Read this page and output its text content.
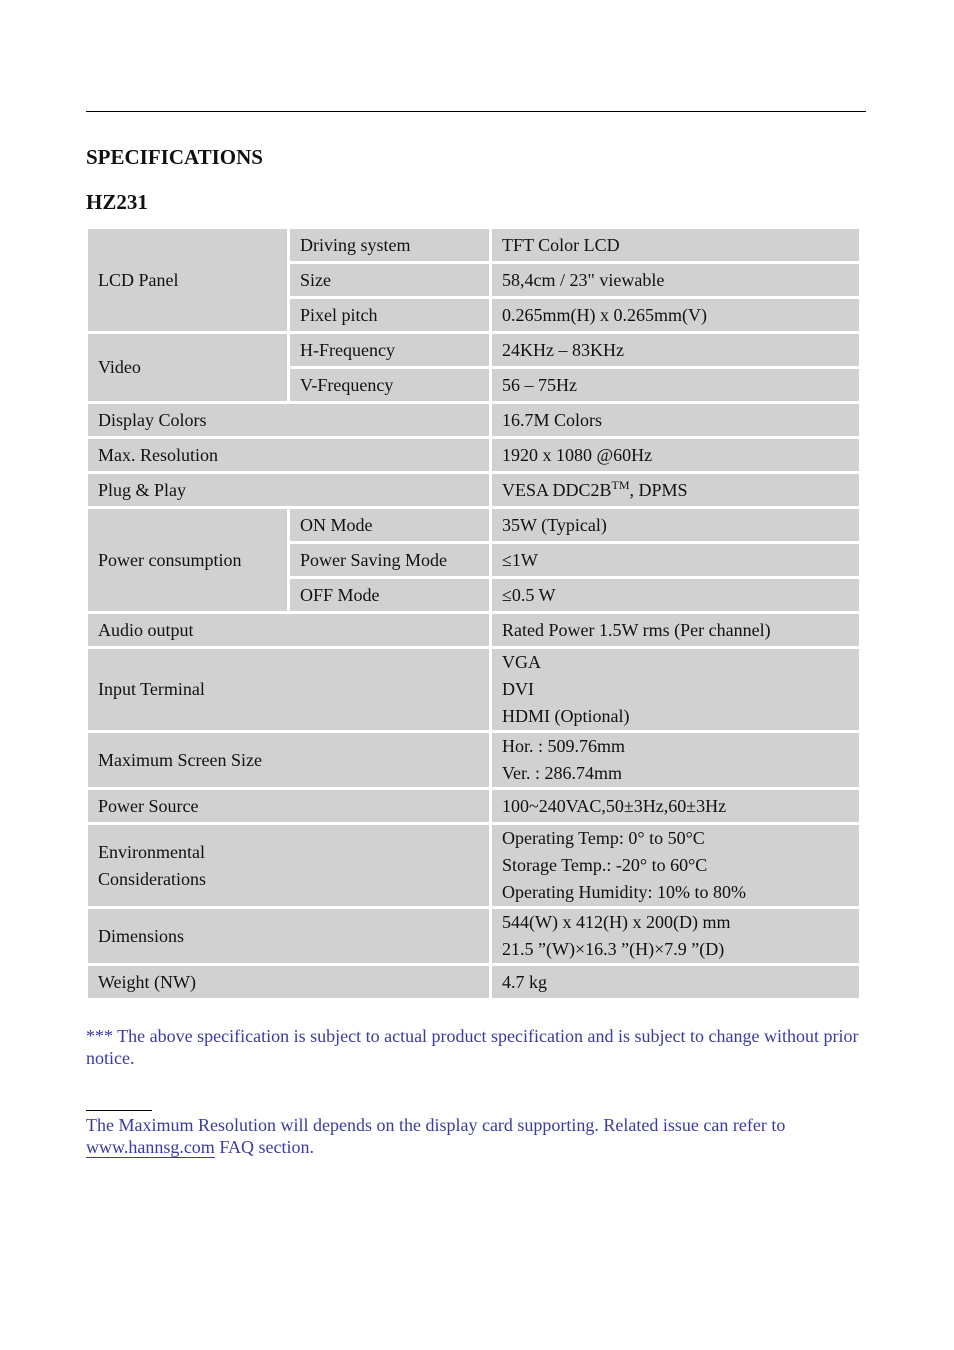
SPECIFICATIONS
HZ231
LCD Panel	Driving system	TFT Color LCD
	Size	58,4cm / 23" viewable
	Pixel pitch	0.265mm(H) x 0.265mm(V)
Video	H-Frequency	24KHz – 83KHz
	V-Frequency	56 – 75Hz
Display Colors		16.7M Colors
Max. Resolution		1920 x 1080 @60Hz
Plug & Play		VESA DDC2B™, DPMS
Power consumption	ON Mode	35W (Typical)
	Power Saving Mode	≤1W
	OFF Mode	≤0.5 W
Audio output		Rated Power 1.5W rms (Per channel)
Input Terminal		VGA
DVI
HDMI (Optional)

Maximum Screen Size		Hor. : 509.76mm
Ver. : 286.74mm

Power Source		100~240VAC,50±3Hz,60±3Hz

Environmental
Considerations		Operating Temp: 0° to 50°C
Storage Temp.: -20° to 60°C
Operating Humidity: 10% to 80%

Dimensions		544(W) x 412(H) x 200(D) mm
21.5 ”(W)×16.3 ”(H)×7.9 ”(D)

Weight (NW)		4.7 kg

*** The above specification is subject to actual product specification and is subject to change without prior notice.

The Maximum Resolution will depends on the display card supporting. Related issue can refer to www.hannsg.com FAQ section.
